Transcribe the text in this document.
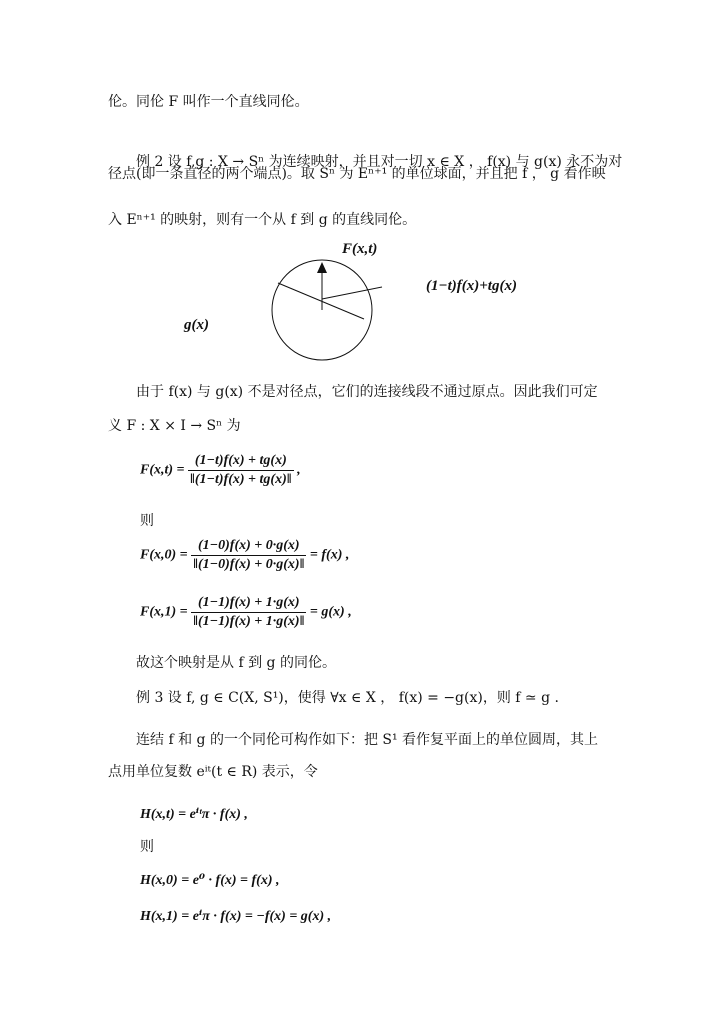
伦。同伦 F 叫作一个直线同伦。
例 2 设 f,g : X → Sⁿ 为连续映射，并且对一切 x ∈ X ， f(x) 与 g(x) 永不为对
径点(即一条直径的两个端点)。取 Sⁿ 为 Eⁿ⁺¹ 的单位球面，并且把 f ， g 看作映
入 Eⁿ⁺¹ 的映射，则有一个从 f 到 g 的直线同伦。
F(x,t)
(1−t)f(x)+tg(x)
g(x)
由于 f(x) 与 g(x) 不是对径点，它们的连接线段不通过原点。因此我们可定
义 F : X × I → Sⁿ 为
$F(x,t) = \frac{(1-t)f(x) + tg(x)}{‖(1-t)f(x) + tg(x)‖}$ ,
则
$F(x,0) = \frac{(1-0)f(x) + 0\cdot g(x)}{‖(1-0)f(x) + 0\cdot g(x)‖} = f(x)$ ,
$F(x,1) = \frac{(1-1)f(x) + 1\cdot g(x)}{‖(1-1)f(x) + 1\cdot g(x)‖} = g(x)$ ,
故这个映射是从 f 到 g 的同伦。
例 3 设 f, g ∈ C(X, S¹)，使得 ∀x ∈ X ， f(x) = −g(x)，则 f ≃ g .
连结 f 和 g 的一个同伦可构作如下：把 S¹ 看作复平面上的单位圆周，其上
点用单位复数 eⁱᵗ(t ∈ R) 表示，令
H(x,t) = eⁱᵗπ · f(x) ,
则
H(x,0) = e⁰ · f(x) = f(x) ,
H(x,1) = eⁱπ · f(x) = −f(x) = g(x) ,
